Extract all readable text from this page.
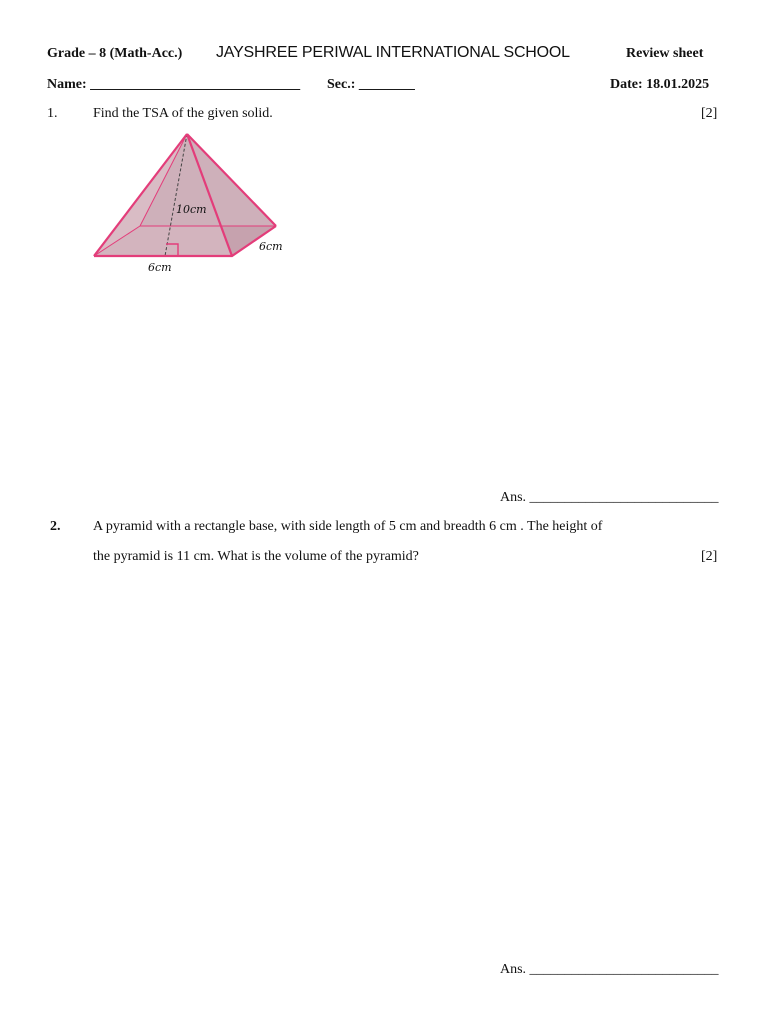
Grade – 8 (Math-Acc.) JAYSHREE PERIWAL INTERNATIONAL SCHOOL	Review sheet
Name: ______________________________ Sec.: ________	Date: 18.01.2025
1.	Find the TSA of the given solid.	[2]
10cm
6cm
6cm
Ans. ___________________________
2. A pyramid with a rectangle base, with side length of 5 cm and breadth 6 cm . The height of
the pyramid is 11 cm. What is the volume of the pyramid?	[2]
Ans. ___________________________
